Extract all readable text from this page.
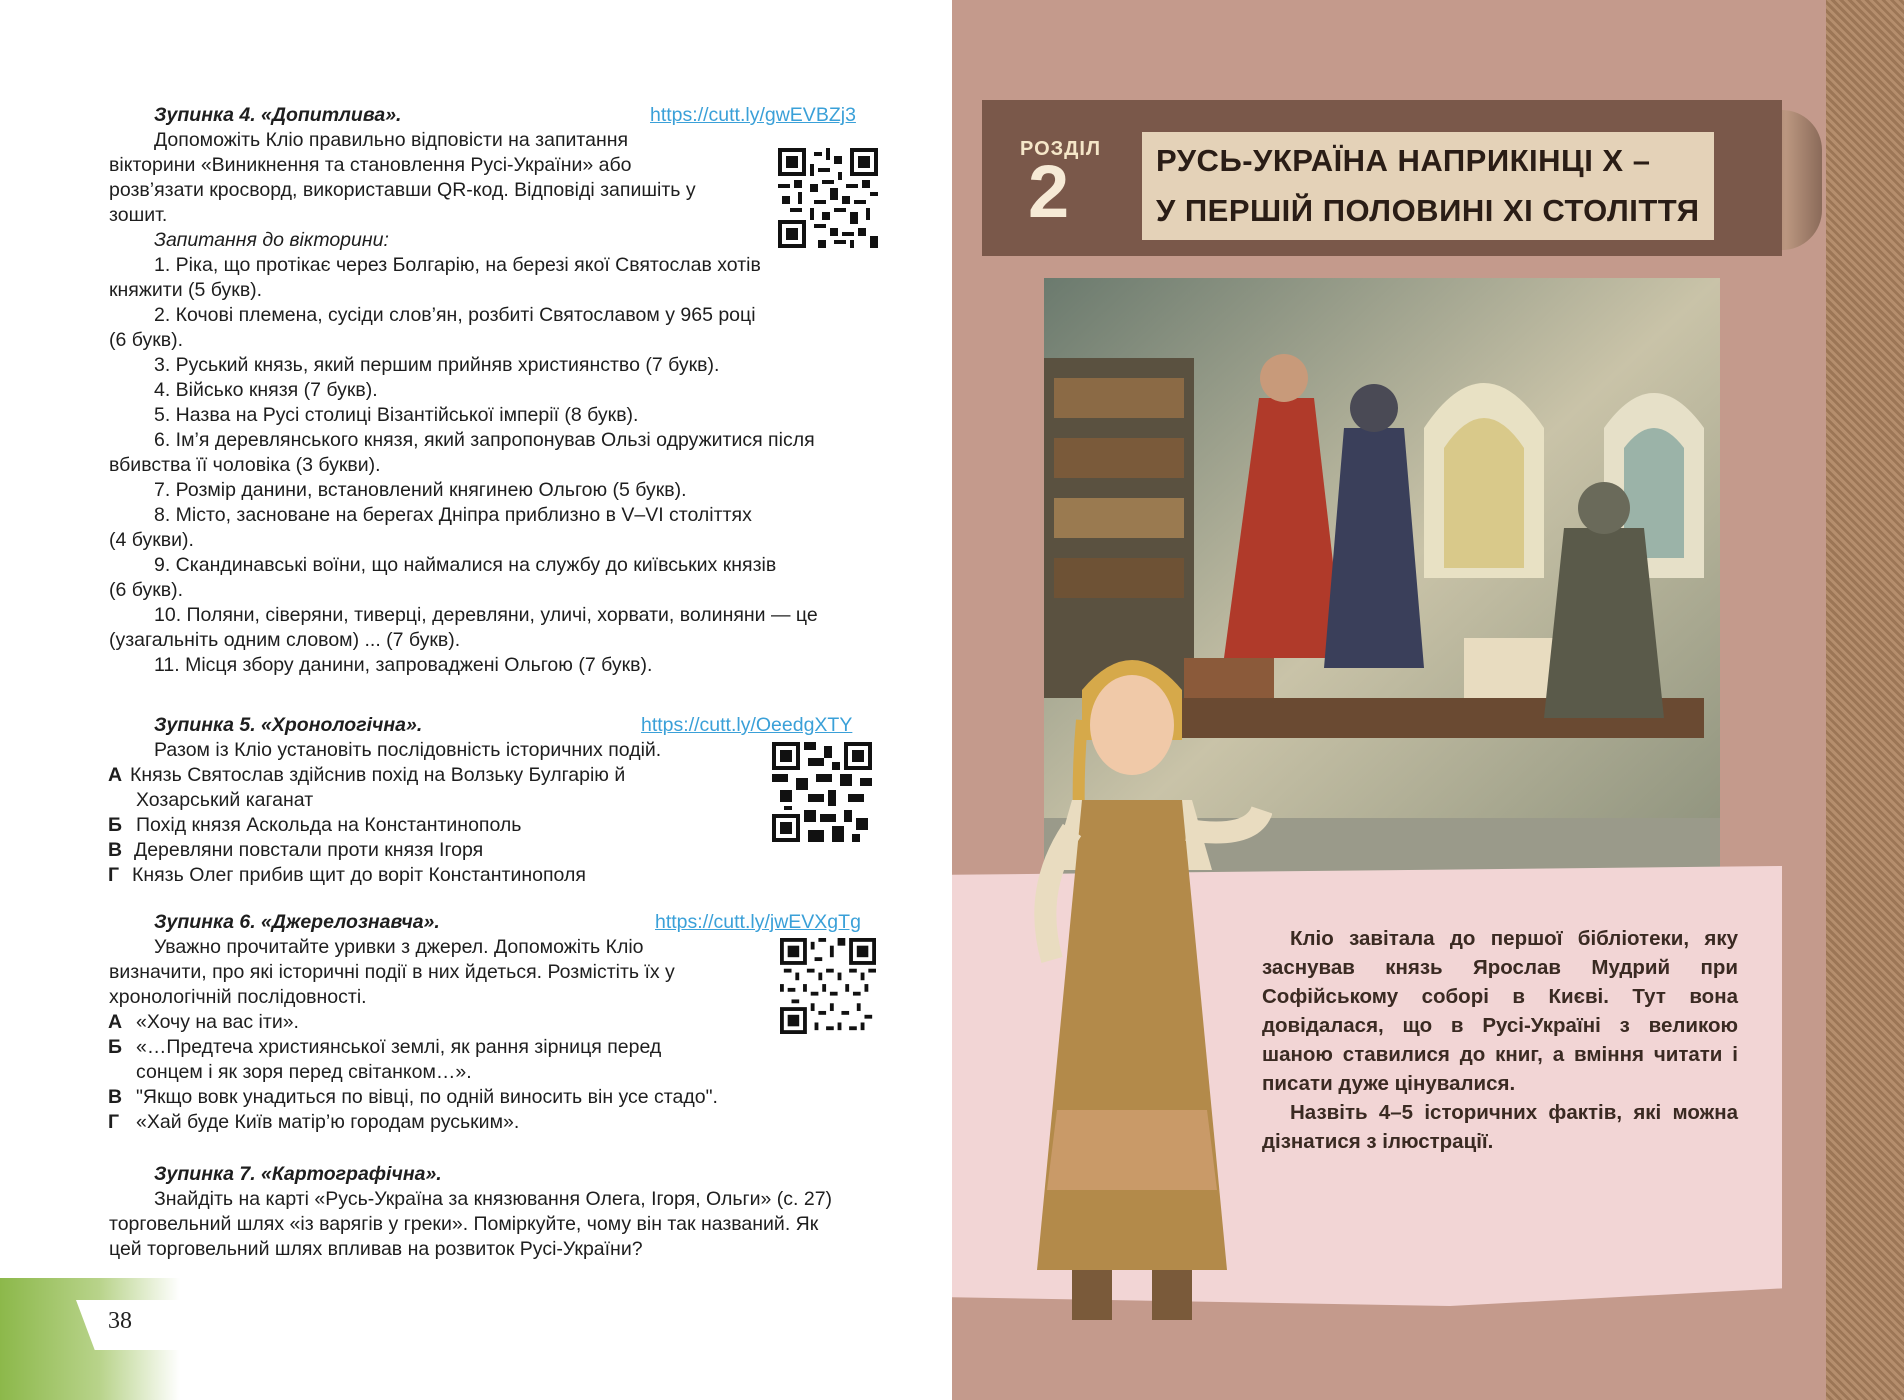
Зупинка 4. «Допитлива».	https://cutt.ly/gwEVBZj3

Допоможіть Кліо правильно відповісти на запитання

вікторини «Виникнення та становлення Русі-України» або

розв’язати кросворд, використавши QR-код. Відповіді запишіть у

зошит.

Запитання до вікторини:

1. Ріка, що протікає через Болгарію, на березі якої Святослав хотів

княжити (5 букв).

2. Кочові племена, сусіди слов’ян, розбиті Святославом у 965 році

(6 букв).

3. Руський князь, який першим прийняв християнство (7 букв).

4. Військо князя (7 букв).

5. Назва на Русі столиці Візантійської імперії (8 букв).

6. Ім’я деревлянського князя, який запропонував Ользі одружитися після

вбивства її чоловіка (3 букви).

7. Розмір данини, встановлений княгинею Ольгою (5 букв).

8. Місто, засноване на берегах Дніпра приблизно в V–VI століттях

(4 букви).

9. Скандинавські воїни, що наймалися на службу до київських князів

(6 букв).

10. Поляни, сіверяни, тиверці, деревляни, уличі, хорвати, волиняни — це

(узагальніть одним словом) ... (7 букв).

11. Місця збору данини, запроваджені Ольгою (7 букв).

Зупинка 5. «Хронологічна».	https://cutt.ly/OeedgXTY

Разом із Кліо установіть послідовність історичних подій.

А Князь Святослав здійснив похід на Волзьку Булгарію й

Хозарський каганат

Б Похід князя Аскольда на Константинополь

В Деревляни повстали проти князя Ігоря

Г Князь Олег прибив щит до воріт Константинополя

Зупинка 6. «Джерелознавча».	https://cutt.ly/jwEVXgTg

Уважно прочитайте уривки з джерел. Допоможіть Кліо

визначити, про які історичні події в них йдеться. Розмістіть їх у

хронологічній послідовності.

А «Хочу на вас іти».

Б «…Предтеча християнської землі, як рання зірниця перед

сонцем і як зоря перед світанком…».

В "Якщо вовк унадиться по вівці, по одній виносить він усе стадо".

Г «Хай буде Київ матір’ю городам руським».

Зупинка 7. «Картографічна».

Знайдіть на карті «Русь-Україна за князювання Олега, Ігоря, Ольги» (с. 27)

торговельний шлях «із варягів у греки». Поміркуйте, чому він так названий. Як

цей торговельний шлях впливав на розвиток Русі-України?

38
РОЗДІЛ
2	РУСЬ-УКРАЇНА НАПРИКІНЦІ X –
У ПЕРШІЙ ПОЛОВИНІ XI СТОЛІТТЯ
Кліо завітала до першої бібліотеки, яку заснував князь Ярослав Мудрий при Софійському соборі в Києві. Тут вона довідалася, що в Русі-Україні з великою шаною ставилися до книг, а вміння читати і писати дуже цінувалися.
Назвіть 4–5 історичних фактів, які можна дізнатися з ілюстрації.
